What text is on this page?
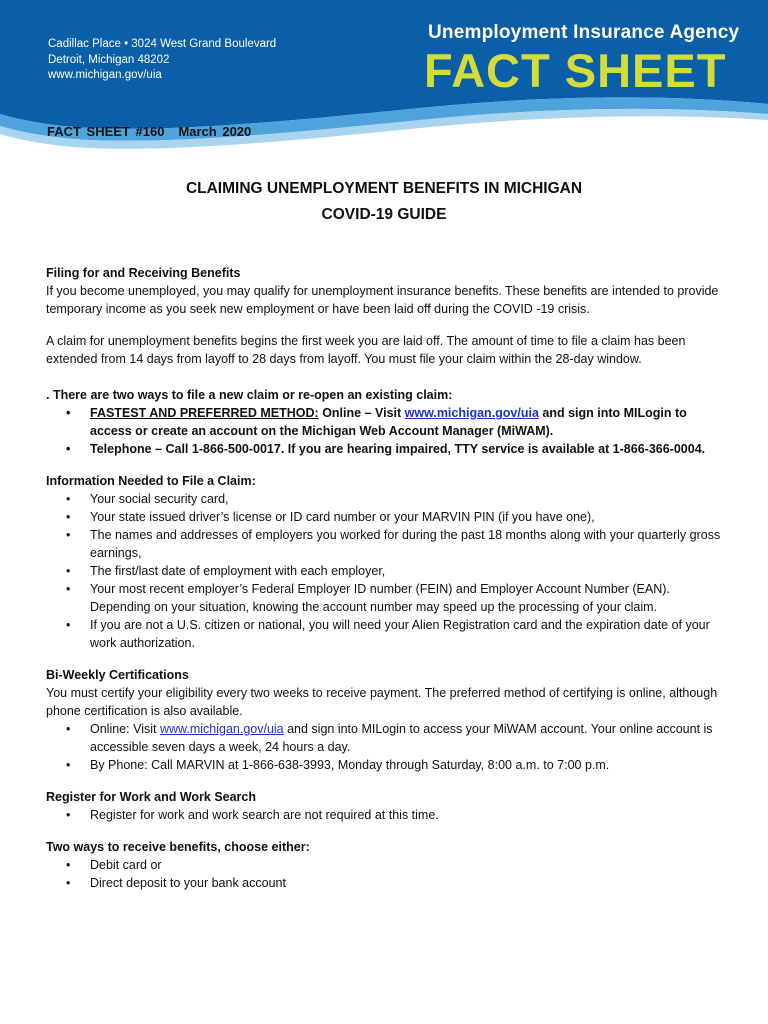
Cadillac Place • 3024 West Grand Boulevard
Detroit, Michigan 48202
www.michigan.gov/uia
Unemployment Insurance Agency
FACT SHEET
FACT SHEET #160 March 2020
CLAIMING UNEMPLOYMENT BENEFITS IN MICHIGAN
COVID-19 GUIDE

Filing for and Receiving Benefits

If you become unemployed, you may qualify for unemployment insurance benefits. These benefits are intended to provide temporary income as you seek new employment or have been laid off during the COVID -19 crisis.

A claim for unemployment benefits begins the first week you are laid off. The amount of time to file a claim has been extended from 14 days from layoff to 28 days from layoff. You must file your claim within the 28-day window.

. There are two ways to file a new claim or re-open an existing claim:

• FASTEST AND PREFERRED METHOD: Online – Visit www.michigan.gov/uia and sign into MILogin to access or create an account on the Michigan Web Account Manager (MiWAM).
• Telephone – Call 1-866-500-0017. If you are hearing impaired, TTY service is available at 1-866-366-0004.

Information Needed to File a Claim:

• Your social security card,
• Your state issued driver’s license or ID card number or your MARVIN PIN (if you have one),
• The names and addresses of employers you worked for during the past 18 months along with your quarterly gross earnings,
• The first/last date of employment with each employer,
• Your most recent employer’s Federal Employer ID number (FEIN) and Employer Account Number (EAN). Depending on your situation, knowing the account number may speed up the processing of your claim.
• If you are not a U.S. citizen or national, you will need your Alien Registration card and the expiration date of your work authorization.

Bi-Weekly Certifications

You must certify your eligibility every two weeks to receive payment. The preferred method of certifying is online, although phone certification is also available.

• Online: Visit www.michigan.gov/uia and sign into MILogin to access your MiWAM account. Your online account is accessible seven days a week, 24 hours a day.
• By Phone: Call MARVIN at 1-866-638-3993, Monday through Saturday, 8:00 a.m. to 7:00 p.m.

Register for Work and Work Search

• Register for work and work search are not required at this time.

Two ways to receive benefits, choose either:

• Debit card or
• Direct deposit to your bank account
